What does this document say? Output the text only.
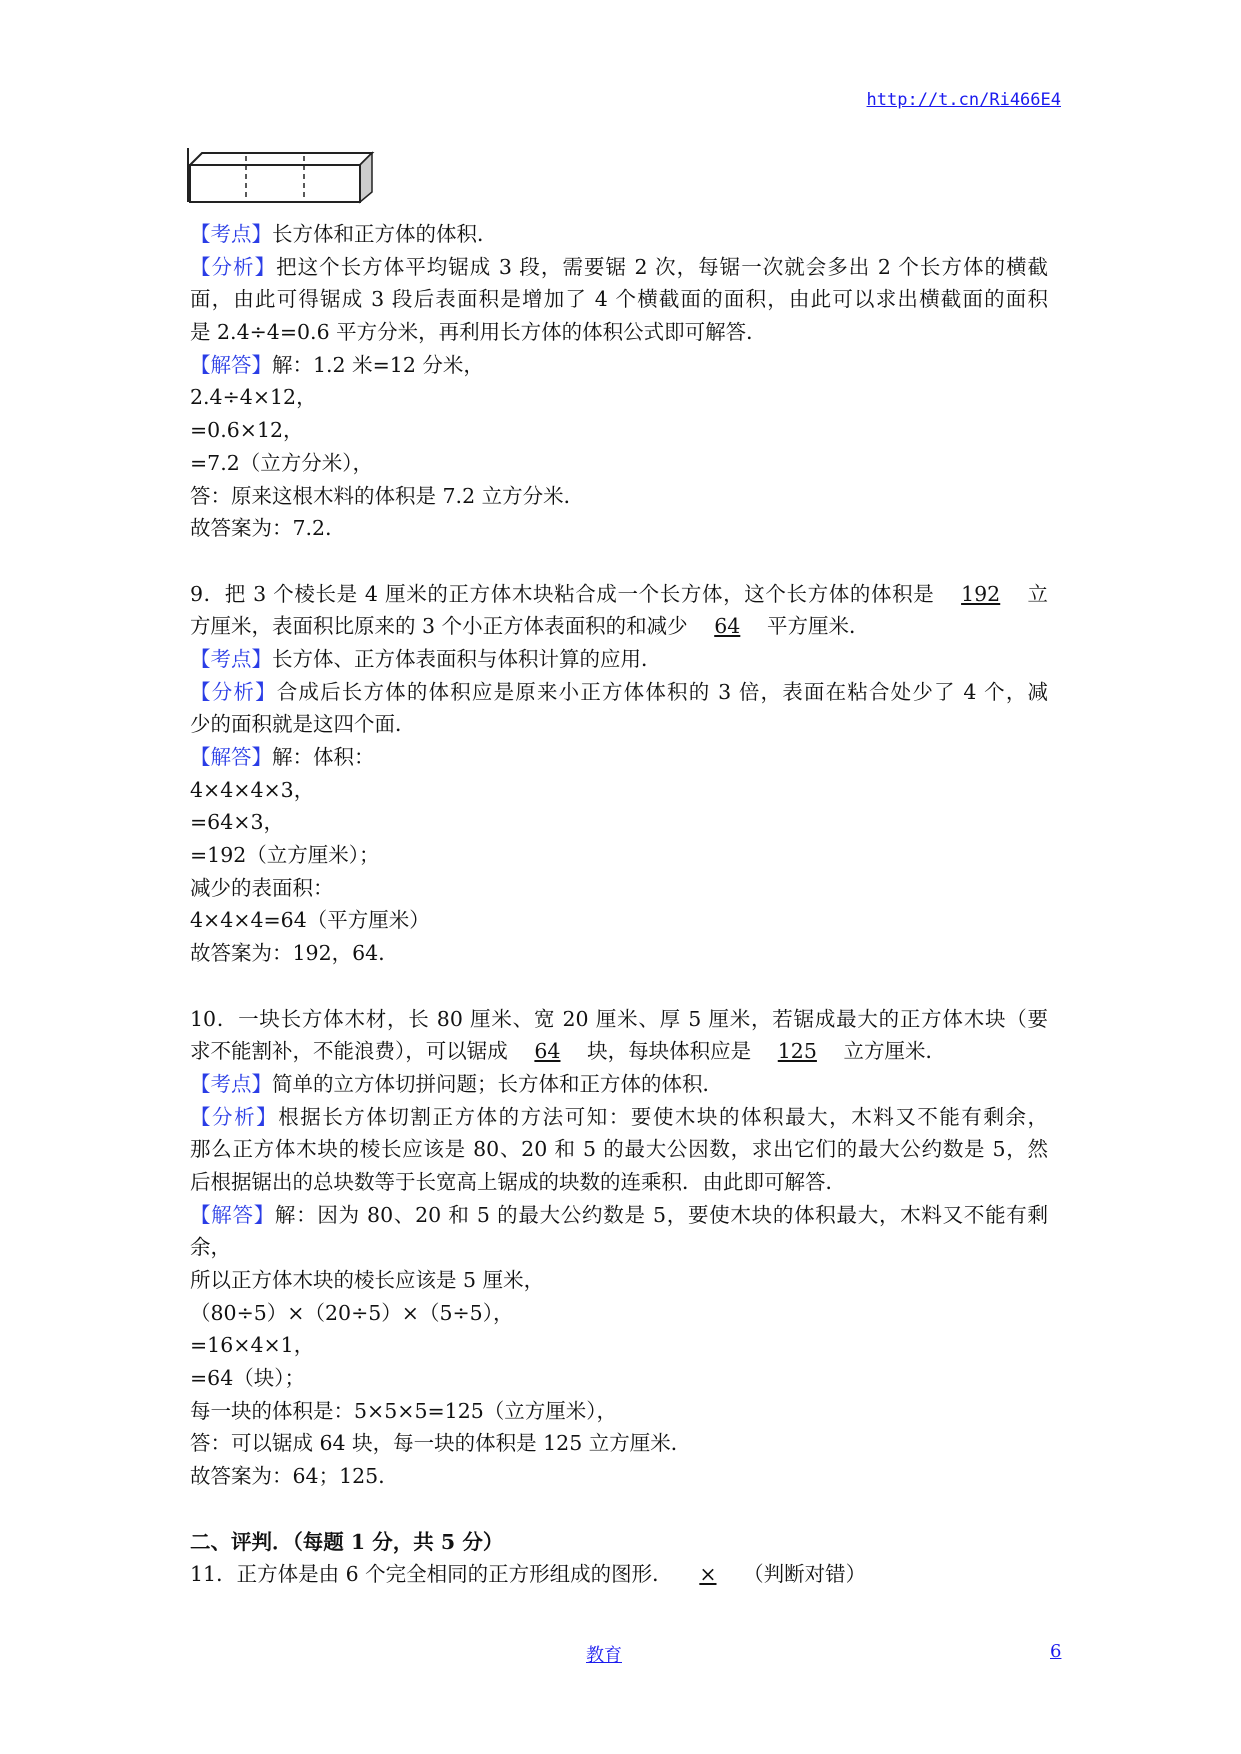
http://t.cn/Ri466E4
【考点】长方体和正方体的体积．
【分析】把这个长方体平均锯成 3 段，需要锯 2 次，每锯一次就会多出 2 个长方体的横截
面，由此可得锯成 3 段后表面积是增加了 4 个横截面的面积，由此可以求出横截面的面积
是 2.4÷4=0.6 平方分米，再利用长方体的体积公式即可解答．
【解答】解：1.2 米=12 分米，
2.4÷4×12，
=0.6×12，
=7.2（立方分米），
答：原来这根木料的体积是 7.2 立方分米．
故答案为：7.2．
9．把 3 个棱长是 4 厘米的正方体木块粘合成一个长方体，这个长方体的体积是 192 立
方厘米，表面积比原来的 3 个小正方体表面积的和减少 64 平方厘米．
【考点】长方体、正方体表面积与体积计算的应用．
【分析】合成后长方体的体积应是原来小正方体体积的 3 倍，表面在粘合处少了 4 个，减
少的面积就是这四个面．
【解答】解：体积：
4×4×4×3，
=64×3，
=192（立方厘米）；
减少的表面积：
4×4×4=64（平方厘米）
故答案为：192，64．
10．一块长方体木材，长 80 厘米、宽 20 厘米、厚 5 厘米，若锯成最大的正方体木块（要
求不能割补，不能浪费），可以锯成 64 块，每块体积应是 125 立方厘米．
【考点】简单的立方体切拼问题；长方体和正方体的体积．
【分析】根据长方体切割正方体的方法可知：要使木块的体积最大，木料又不能有剩余，
那么正方体木块的棱长应该是 80、20 和 5 的最大公因数，求出它们的最大公约数是 5，然
后根据锯出的总块数等于长宽高上锯成的块数的连乘积．由此即可解答．
【解答】解：因为 80、20 和 5 的最大公约数是 5，要使木块的体积最大，木料又不能有剩
余，
所以正方体木块的棱长应该是 5 厘米，
（80÷5）×（20÷5）×（5÷5），
=16×4×1，
=64（块）；
每一块的体积是：5×5×5=125（立方厘米），
答：可以锯成 64 块，每一块的体积是 125 立方厘米．
故答案为：64；125．
二、评判．（每题 1 分，共 5 分）
11．正方体是由 6 个完全相同的正方形组成的图形． × （判断对错）
教育	6
